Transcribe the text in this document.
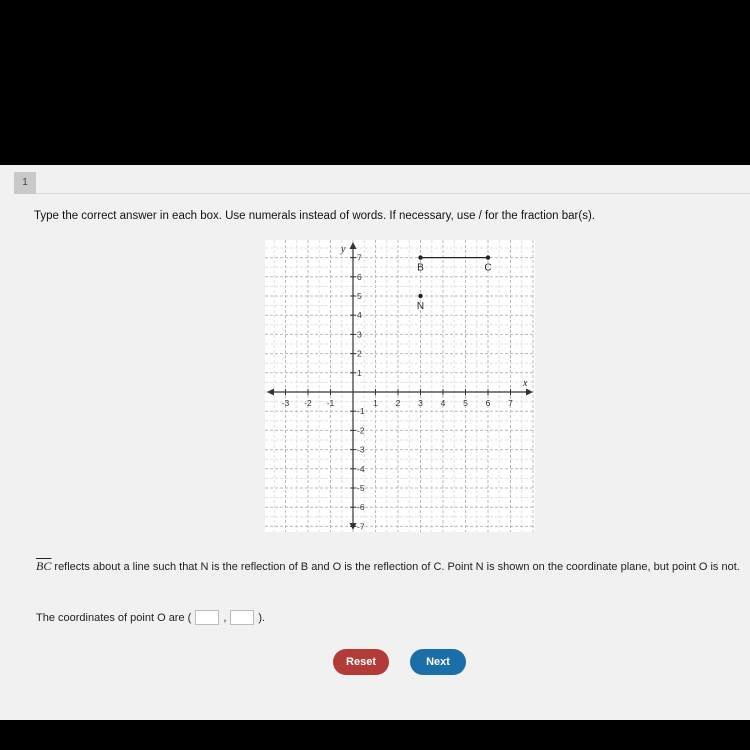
1
Type the correct answer in each box. Use numerals instead of words. If necessary, use / for the fraction bar(s).
x
y
-3 -2 -1	1 2 3 4 5 6 7
7
6
5
4
3
2
1
-1
-2
-3
-4
-5
-6
-7
B	C
N
$\overline{BC}$ reflects about a line such that N is the reflection of B and O is the reflection of C. Point N is shown on the coordinate plane, but point O is not.
The coordinates of point O are (	,	).
Reset	Next
